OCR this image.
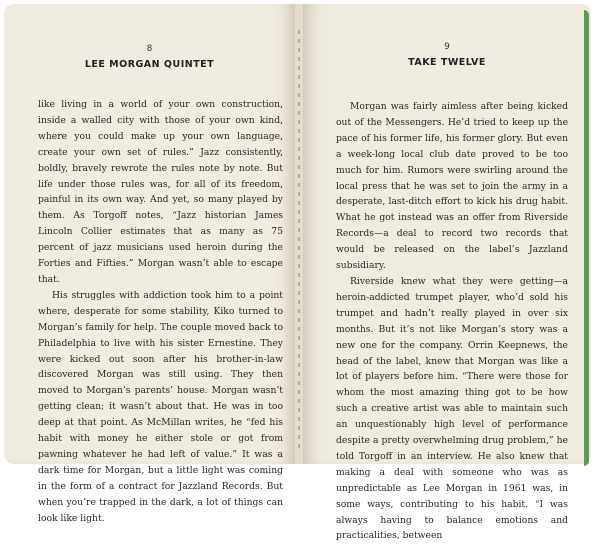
8
LEE MORGAN QUINTET

like living in a world of your own construction, inside a walled city with those of your own kind, where you could make up your own language, create your own set of rules.” Jazz consistently, boldly, bravely rewrote the rules note by note. But life under those rules was, for all of its freedom, painful in its own way. And yet, so many played by them. As Torgoff notes, “Jazz historian James Lincoln Collier estimates that as many as 75 percent of jazz musicians used heroin during the Forties and Fifties.” Morgan wasn’t able to escape that.

His struggles with addiction took him to a point where, desperate for some stability, Kiko turned to Morgan’s family for help. The couple moved back to Philadelphia to live with his sister Ernestine. They were kicked out soon after his brother-in-law discovered Morgan was still using. They then moved to Morgan’s parents’ house. Morgan wasn’t getting clean; it wasn’t about that. He was in too deep at that point. As McMillan writes, he “fed his habit with money he either stole or got from pawning whatever he had left of value.” It was a dark time for Morgan, but a little light was coming in the form of a contract for Jazzland Records. But when you’re trapped in the dark, a lot of things can look like light.

9
TAKE TWELVE

Morgan was fairly aimless after being kicked out of the Messengers. He’d tried to keep up the pace of his former life, his former glory. But even a week-long local club date proved to be too much for him. Rumors were swirling around the local press that he was set to join the army in a desperate, last-ditch effort to kick his drug habit. What he got instead was an offer from Riverside Records—a deal to record two records that would be released on the label’s Jazzland subsidiary.

Riverside knew what they were getting—a heroin-addicted trumpet player, who’d sold his trumpet and hadn’t really played in over six months. But it’s not like Morgan’s story was a new one for the company. Orrin Keepnews, the head of the label, knew that Morgan was like a lot of players before him. “There were those for whom the most amazing thing got to be how such a creative artist was able to maintain such an unquestionably high level of performance despite a pretty overwhelming drug problem,” he told Torgoff in an interview. He also knew that making a deal with someone who was as unpredictable as Lee Morgan in 1961 was, in some ways, contributing to his habit. “I was always having to balance emotions and practicalities, between
